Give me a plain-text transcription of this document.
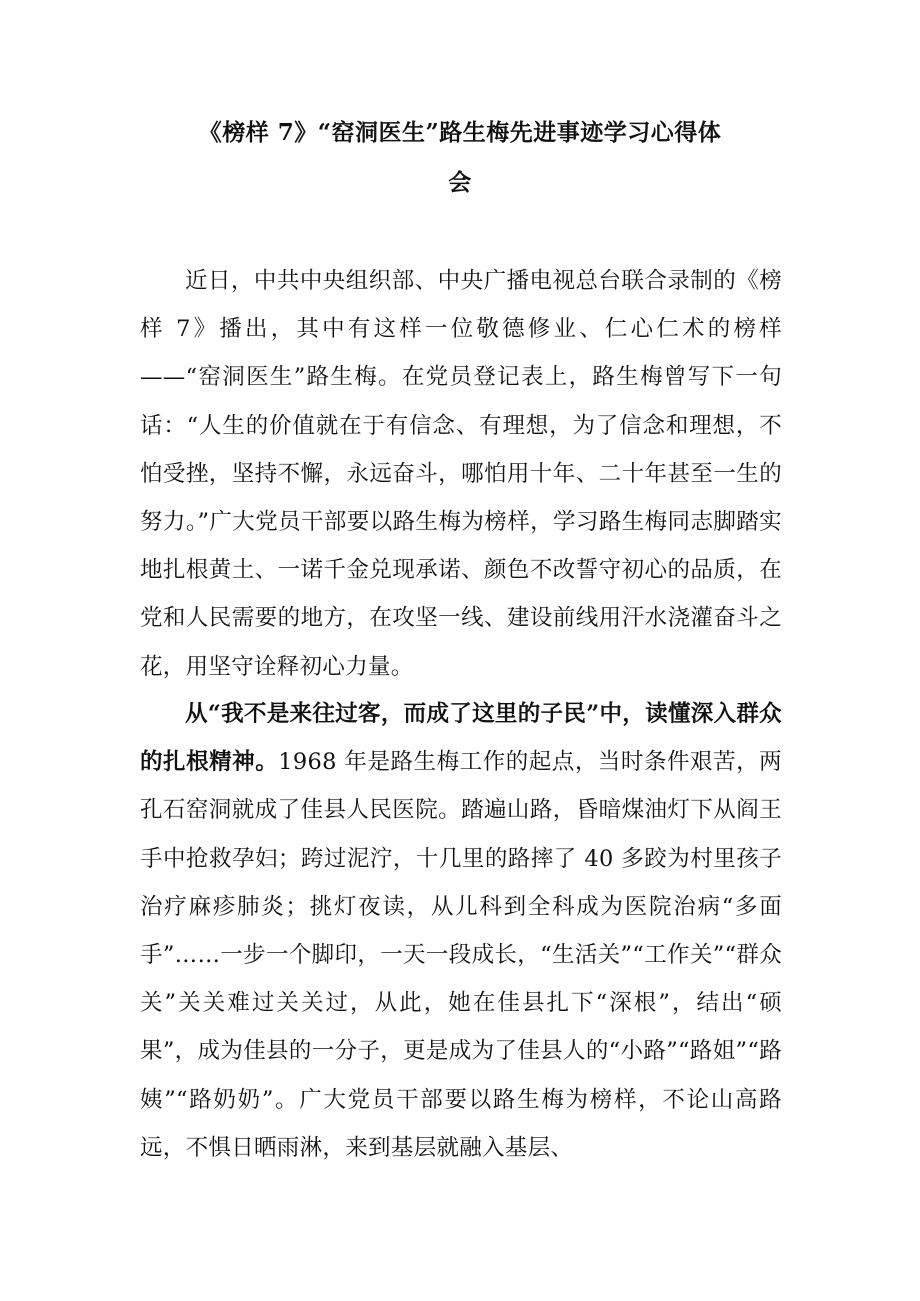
《榜样 7》“窑洞医生”路生梅先进事迹学习心得体
会

近日，中共中央组织部、中央广播电视总台联合录制的《榜样 7》播出，其中有这样一位敬德修业、仁心仁术的榜样——“窑洞医生”路生梅。在党员登记表上，路生梅曾写下一句话：“人生的价值就在于有信念、有理想，为了信念和理想，不怕受挫，坚持不懈，永远奋斗，哪怕用十年、二十年甚至一生的努力。”广大党员干部要以路生梅为榜样，学习路生梅同志脚踏实地扎根黄土、一诺千金兑现承诺、颜色不改誓守初心的品质，在党和人民需要的地方，在攻坚一线、建设前线用汗水浇灌奋斗之花，用坚守诠释初心力量。

从“我不是来往过客，而成了这里的子民”中，读懂深入群众的扎根精神。1968 年是路生梅工作的起点，当时条件艰苦，两孔石窑洞就成了佳县人民医院。踏遍山路，昏暗煤油灯下从阎王手中抢救孕妇；跨过泥泞，十几里的路摔了 40 多跤为村里孩子治疗麻疹肺炎；挑灯夜读，从儿科到全科成为医院治病“多面手”……一步一个脚印，一天一段成长，“生活关”“工作关”“群众关”关关难过关关过，从此，她在佳县扎下“深根”，结出“硕果”，成为佳县的一分子，更是成为了佳县人的“小路”“路姐”“路姨”“路奶奶”。广大党员干部要以路生梅为榜样，不论山高路远，不惧日晒雨淋，来到基层就融入基层、
